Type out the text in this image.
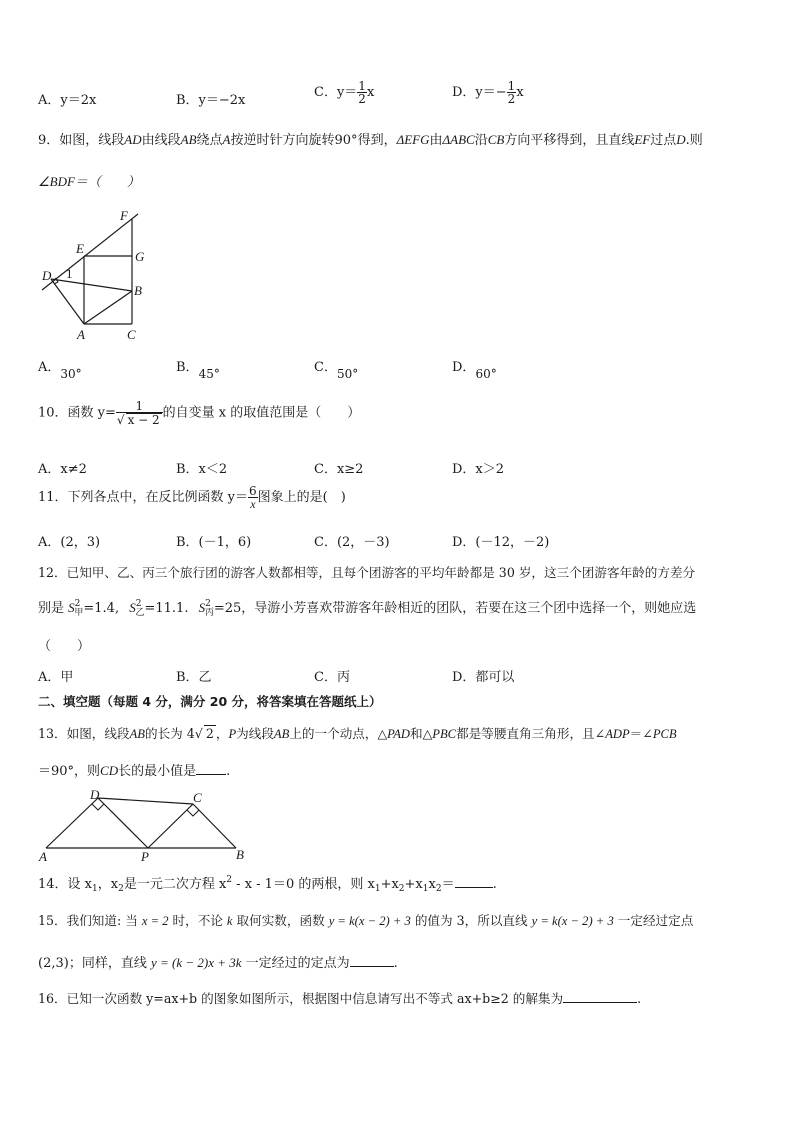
A．y＝2x	B．y＝−2x
C．$y= \frac{1}{2}$ x	D．$y=- \frac{1}{2}$ x
9．如图，线段AD由线段AB绕点A按逆时针方向旋转90°得到，ΔEFG由ΔABC沿CB方向平移得到，且直线EF过点D.则
∠BDF＝（　　）
F
E
G
D 1
B
A	C
A．30°	B．45°	C．50°	D．60°
10．函数 $y= \frac{1}{√ x - 2}$ 的自变量 x 的取值范围是（　　）
A．x≠2	B．x＜2	C．x≥2	D．x＞2
11．下列各点中，在反比例函数 $y= \frac{6}{x}$ 图象上的是(　)
A．(2，3)	B．(－1，6)	C．(2，－3)	D．(－12，－2)
12．已知甲、乙、丙三个旅行团的游客人数都相等，且每个团游客的平均年龄都是 30 岁，这三个团游客年龄的方差分
别是 $S^2_甲=1.4$, $S^2_乙=11.1$. $S^2_丙=25$，导游小芳喜欢带游客年龄相近的团队，若要在这三个团中选择一个，则她应选
（　　）
A．甲	B．乙	C．丙	D．都可以
二、填空题（每题 4 分，满分 20 分，将答案填在答题纸上）
13．如图，线段AB的长为 4√ 2 ，P为线段AB上的一个动点，△PAD和△PBC都是等腰直角三角形，且∠ADP＝∠PCB
＝90°，则CD长的最小值是 .
D	C
A	P	B
14．设 $x_1$，$x_2$是一元二次方程 $x^2 - x - 1=0$ 的两根，则 $x_1+x_2+x_1x_2=$	.
15．我们知道: 当 x = 2 时，不论 k 取何实数，函数 y = k(x − 2) + 3 的值为 3，所以直线 y = k(x − 2) + 3 一定经过定点
(2,3)；同样，直线 y = (k − 2)x + 3k 一定经过的定点为	.
16．已知一次函数 y=ax+b 的图象如图所示，根据图中信息请写出不等式 ax+b≥2 的解集为	.
